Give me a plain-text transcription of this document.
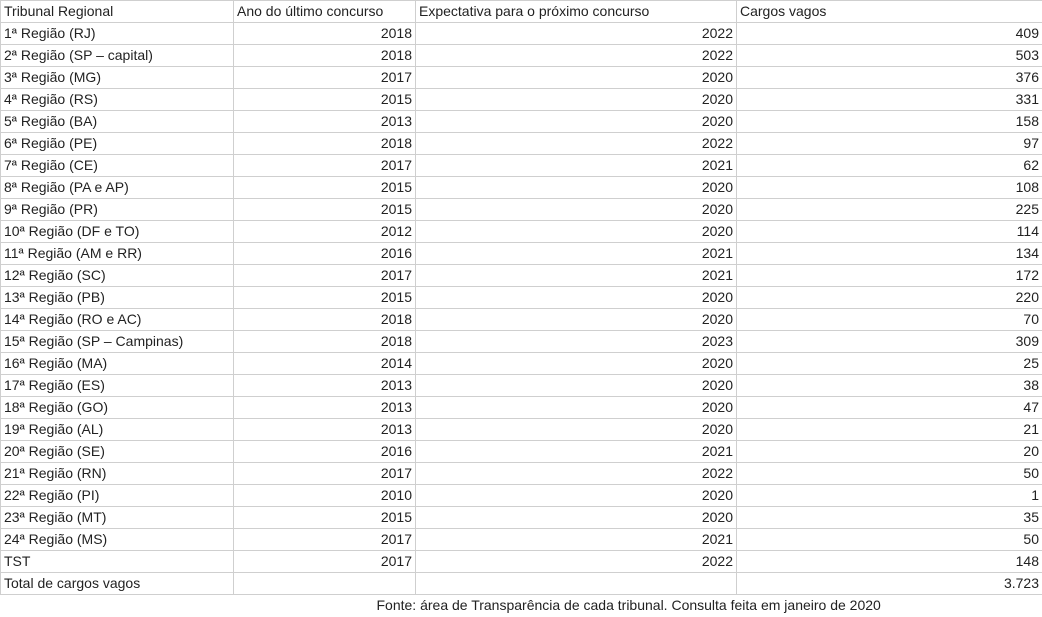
Tribunal Regional	Ano do último concurso	Expectativa para o próximo concurso	Cargos vagos
1ª Região (RJ)	2018	2022	409
2ª Região (SP – capital)	2018	2022	503
3ª Região (MG)	2017	2020	376
4ª Região (RS)	2015	2020	331
5ª Região (BA)	2013	2020	158
6ª Região (PE)	2018	2022	97
7ª Região (CE)	2017	2021	62
8ª Região (PA e AP)	2015	2020	108
9ª Região (PR)	2015	2020	225
10ª Região (DF e TO)	2012	2020	114
11ª Região (AM e RR)	2016	2021	134
12ª Região (SC)	2017	2021	172
13ª Região (PB)	2015	2020	220
14ª Região (RO e AC)	2018	2020	70
15ª Região (SP – Campinas)	2018	2023	309
16ª Região (MA)	2014	2020	25
17ª Região (ES)	2013	2020	38
18ª Região (GO)	2013	2020	47
19ª Região (AL)	2013	2020	21
20ª Região (SE)	2016	2021	20
21ª Região (RN)	2017	2022	50
22ª Região (PI)	2010	2020	1
23ª Região (MT)	2015	2020	35
24ª Região (MS)	2017	2021	50
TST	2017	2022	148
Total de cargos vagos			3.723
	Fonte: área de Transparência de cada tribunal. Consulta feita em janeiro de 2020		
